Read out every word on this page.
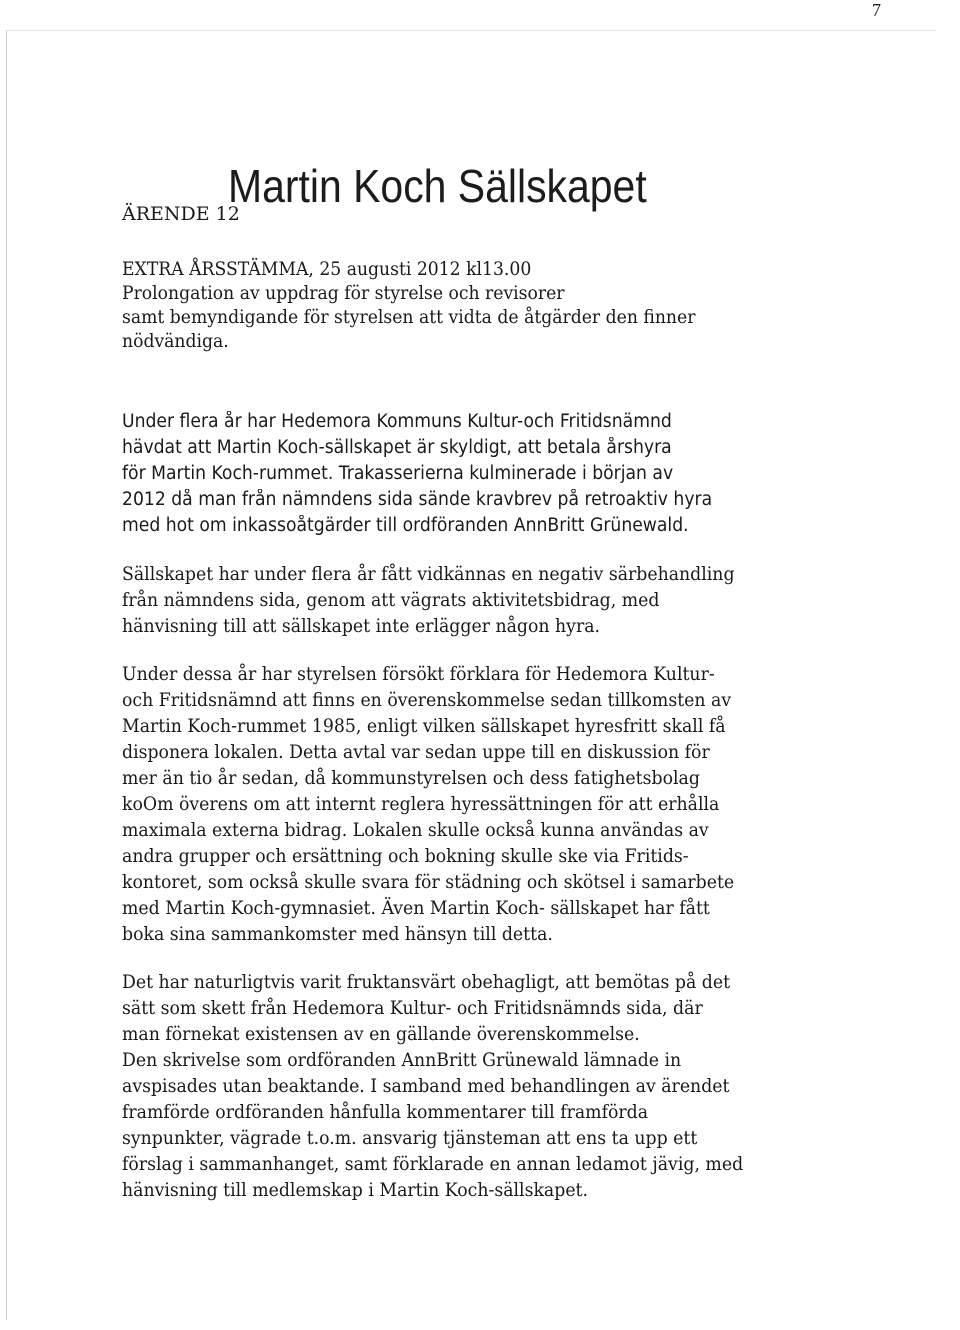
7
Martin Koch Sällskapet
ÄRENDE 12
EXTRA ÅRSSTÄMMA, 25 augusti 2012 kl13.00
Prolongation av uppdrag för styrelse och revisorer
samt bemyndigande för styrelsen att vidta de åtgärder den finner
nödvändiga.
Under flera år har Hedemora Kommuns Kultur-och Fritidsnämnd
hävdat att Martin Koch-sällskapet är skyldigt, att betala årshyra
för Martin Koch-rummet. Trakasserierna kulminerade i början av
2012 då man från nämndens sida sände kravbrev på retroaktiv hyra
med hot om inkassoåtgärder till ordföranden AnnBritt Grünewald.
Sällskapet har under flera år fått vidkännas en negativ särbehandling
från nämndens sida, genom att vägrats aktivitetsbidrag, med
hänvisning till att sällskapet inte erlägger någon hyra.
Under dessa år har styrelsen försökt förklara för Hedemora Kultur-
och Fritidsnämnd att finns en överenskommelse sedan tillkomsten av
Martin Koch-rummet 1985, enligt vilken sällskapet hyresfritt skall få
disponera lokalen. Detta avtal var sedan uppe till en diskussion för
mer än tio år sedan, då kommunstyrelsen och dess fatighetsbolag
koOm överens om att internt reglera hyressättningen för att erhålla
maximala externa bidrag. Lokalen skulle också kunna användas av
andra grupper och ersättning och bokning skulle ske via Fritids-
kontoret, som också skulle svara för städning och skötsel i samarbete
med Martin Koch-gymnasiet. Även Martin Koch- sällskapet har fått
boka sina sammankomster med hänsyn till detta.
Det har naturligtvis varit fruktansvärt obehagligt, att bemötas på det
sätt som skett från Hedemora Kultur- och Fritidsnämnds sida, där
man förnekat existensen av en gällande överenskommelse.
Den skrivelse som ordföranden AnnBritt Grünewald lämnade in
avspisades utan beaktande. I samband med behandlingen av ärendet
framförde ordföranden hånfulla kommentarer till framförda
synpunkter, vägrade t.o.m. ansvarig tjänsteman att ens ta upp ett
förslag i sammanhanget, samt förklarade en annan ledamot jävig, med
hänvisning till medlemskap i Martin Koch-sällskapet.
